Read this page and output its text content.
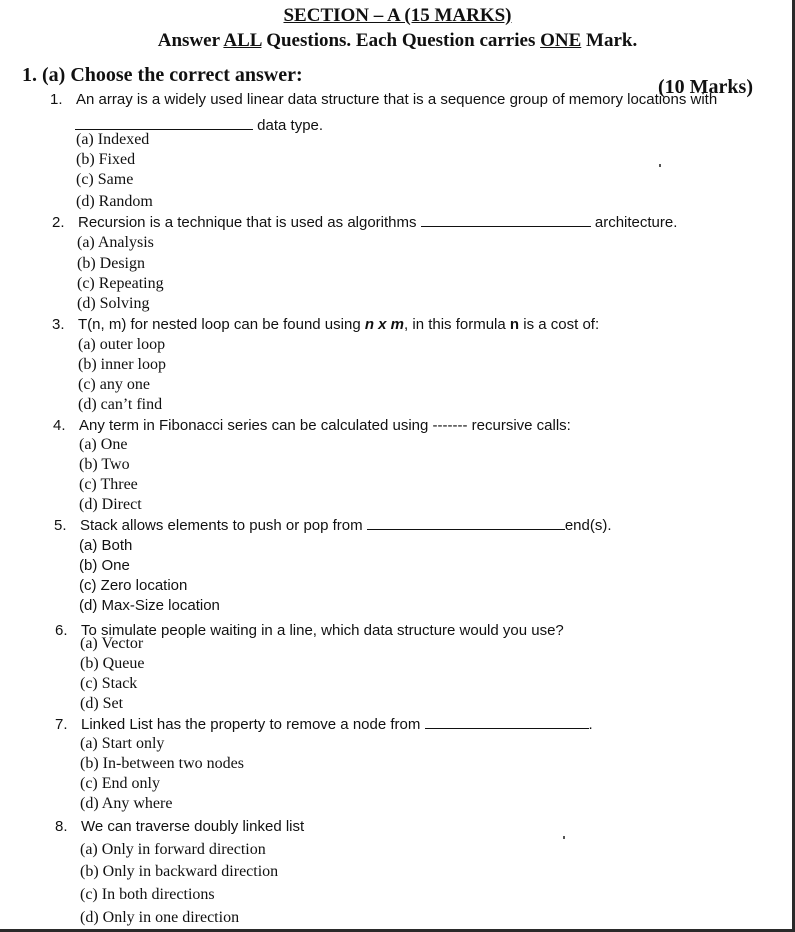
SECTION – A (15 MARKS)
Answer ALL Questions. Each Question carries ONE Mark.
1. (a) Choose the correct answer:
(10 Marks)
1. An array is a widely used linear data structure that is a sequence group of memory locations with
data type.
(a) Indexed
(b) Fixed
(c) Same
(d) Random
2. Recursion is a technique that is used as algorithms	architecture.
(a) Analysis
(b) Design
(c) Repeating
(d) Solving
3. T(n, m) for nested loop can be found using n x m, in this formula n is a cost of:
(a) outer loop
(b) inner loop
(c) any one
(d) can’t find
4. Any term in Fibonacci series can be calculated using ------- recursive calls:
(a) One
(b) Two
(c) Three
(d) Direct
5. Stack allows elements to push or pop from	end(s).
(a) Both
(b) One
(c) Zero location
(d) Max-Size location
6. To simulate people waiting in a line, which data structure would you use?
(a) Vector
(b) Queue
(c) Stack
(d) Set
7. Linked List has the property to remove a node from	.
(a) Start only
(b) In-between two nodes
(c) End only
(d) Any where
8. We can traverse doubly linked list
(a) Only in forward direction
(b) Only in backward direction
(c) In both directions
(d) Only in one direction
